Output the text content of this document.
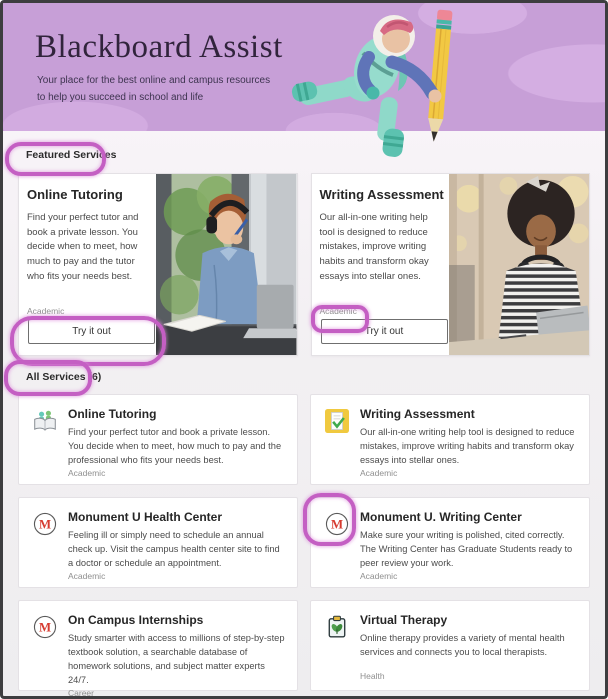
Blackboard Assist

Your place for the best online and campus resources to help you succeed in school and life

Featured Services
Online Tutoring

Find your perfect tutor and book a private lesson. You decide when to meet, how much to pay and the tutor who fits your needs best.

Academic
Try it out
Writing Assessment

Our all-in-one writing help tool is designed to reduce mistakes, improve writing habits and transform okay essays into stellar ones.

Academic
Try it out
All Services (6)
Online Tutoring

Find your perfect tutor and book a private lesson. You decide when to meet, how much to pay and the professional who fits your needs best.

Academic
Writing Assessment

Our all-in-one writing help tool is designed to reduce mistakes, improve writing habits and transform okay essays into stellar ones.

Academic
M
Monument U Health Center

Feeling ill or simply need to schedule an annual check up. Visit the campus health center site to find a doctor or schedule an appointment.

Academic
M
Monument U. Writing Center

Make sure your writing is polished, cited correctly. The Writing Center has Graduate Students ready to peer review your work.

Academic
M
On Campus Internships

Study smarter with access to millions of step-by-step textbook solution, a searchable database of homework solutions, and subject matter experts 24/7.

Career
Virtual Therapy

Online therapy provides a variety of mental health services and connects you to local therapists.

Health
